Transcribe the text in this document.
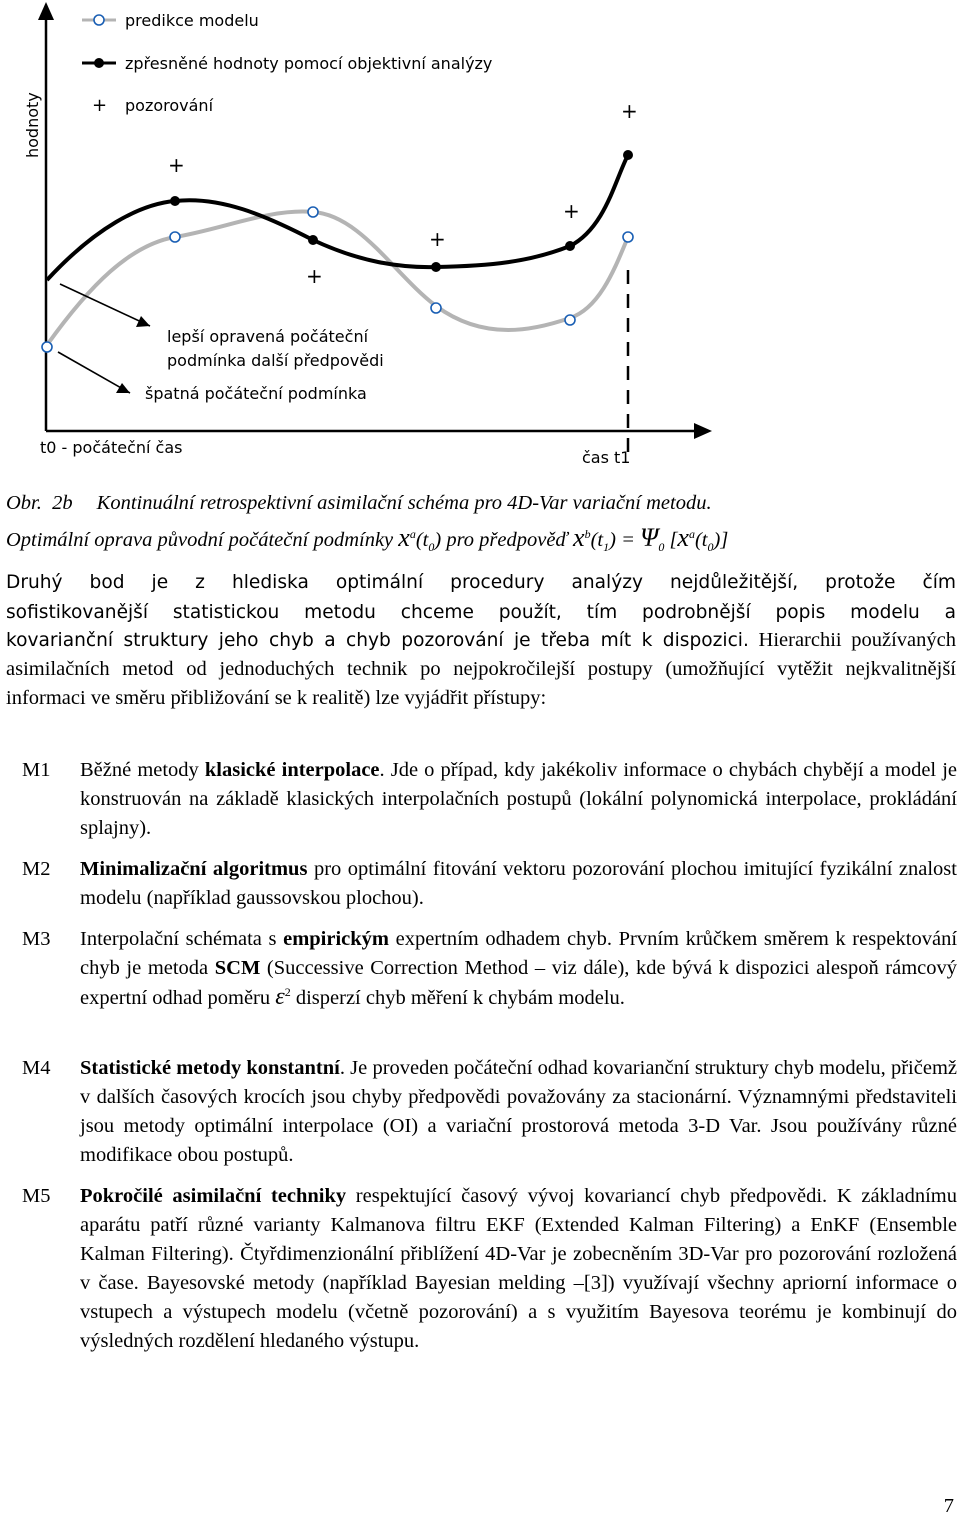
hodnoty
predikce modelu
zpřesněné hodnoty pomocí objektivní analýzy
+ pozorování
+
+
+
+
+
lepší opravená počáteční
podmínka další předpovědi
špatná počáteční podmínka
t0 - počáteční čas
čas t1
Obr. 2b Kontinuální retrospektivní asimilační schéma pro 4D-Var variační metodu.
Optimální oprava původní počáteční podmínky $x^a(t_0)$ pro předpověď $x^b(t_1) = \Psi_0$ $[x^a(t_0)]$

Druhý bod je z hlediska optimální procedury analýzy nejdůležitější, protože čím

sofistikovanější statistickou metodu chceme použít, tím podrobnější popis modelu a

kovarianční struktury jeho chyb a chyb pozorování je třeba mít k dispozici. Hierarchii používaných asimilačních metod od jednoduchých technik po nejpokročilejší postupy (umožňující vytěžit nejkvalitnější informaci ve směru přibližování se k realitě) lze vyjádřit přístupy:
M1	Běžné metody klasické interpolace. Jde o případ, kdy jakékoliv informace o chybách chybějí a model je konstruován na základě klasických interpolačních postupů (lokální polynomická interpolace, prokládání splajny).
M2	Minimalizační algoritmus pro optimální fitování vektoru pozorování plochou imitující fyzikální znalost modelu (například gaussovskou plochou).
M3	Interpolační schémata s empirickým expertním odhadem chyb. Prvním krůčkem směrem k respektování chyb je metoda SCM (Successive Correction Method – viz dále), kde bývá k dispozici alespoň rámcový expertní odhad poměru $\varepsilon^2$ disperzí chyb měření k chybám modelu.
M4	Statistické metody konstantní. Je proveden počáteční odhad kovarianční struktury chyb modelu, přičemž v dalších časových krocích jsou chyby předpovědi považovány za stacionární. Významnými představiteli jsou metody optimální interpolace (OI) a variační prostorová metoda 3-D Var. Jsou používány různé modifikace obou postupů.
M5	Pokročilé asimilační techniky respektující časový vývoj kovariancí chyb předpovědi. K základnímu aparátu patří různé varianty Kalmanova filtru EKF (Extended Kalman Filtering) a EnKF (Ensemble Kalman Filtering). Čtyřdimenzionální přiblížení 4D-Var je zobecněním 3D-Var pro pozorování rozložená v čase. Bayesovské metody (například Bayesian melding –[3]) využívají všechny apriorní informace o vstupech a výstupech modelu (včetně pozorování) a s využitím Bayesova teorému je kombinují do výsledných rozdělení hledaného výstupu.
7
